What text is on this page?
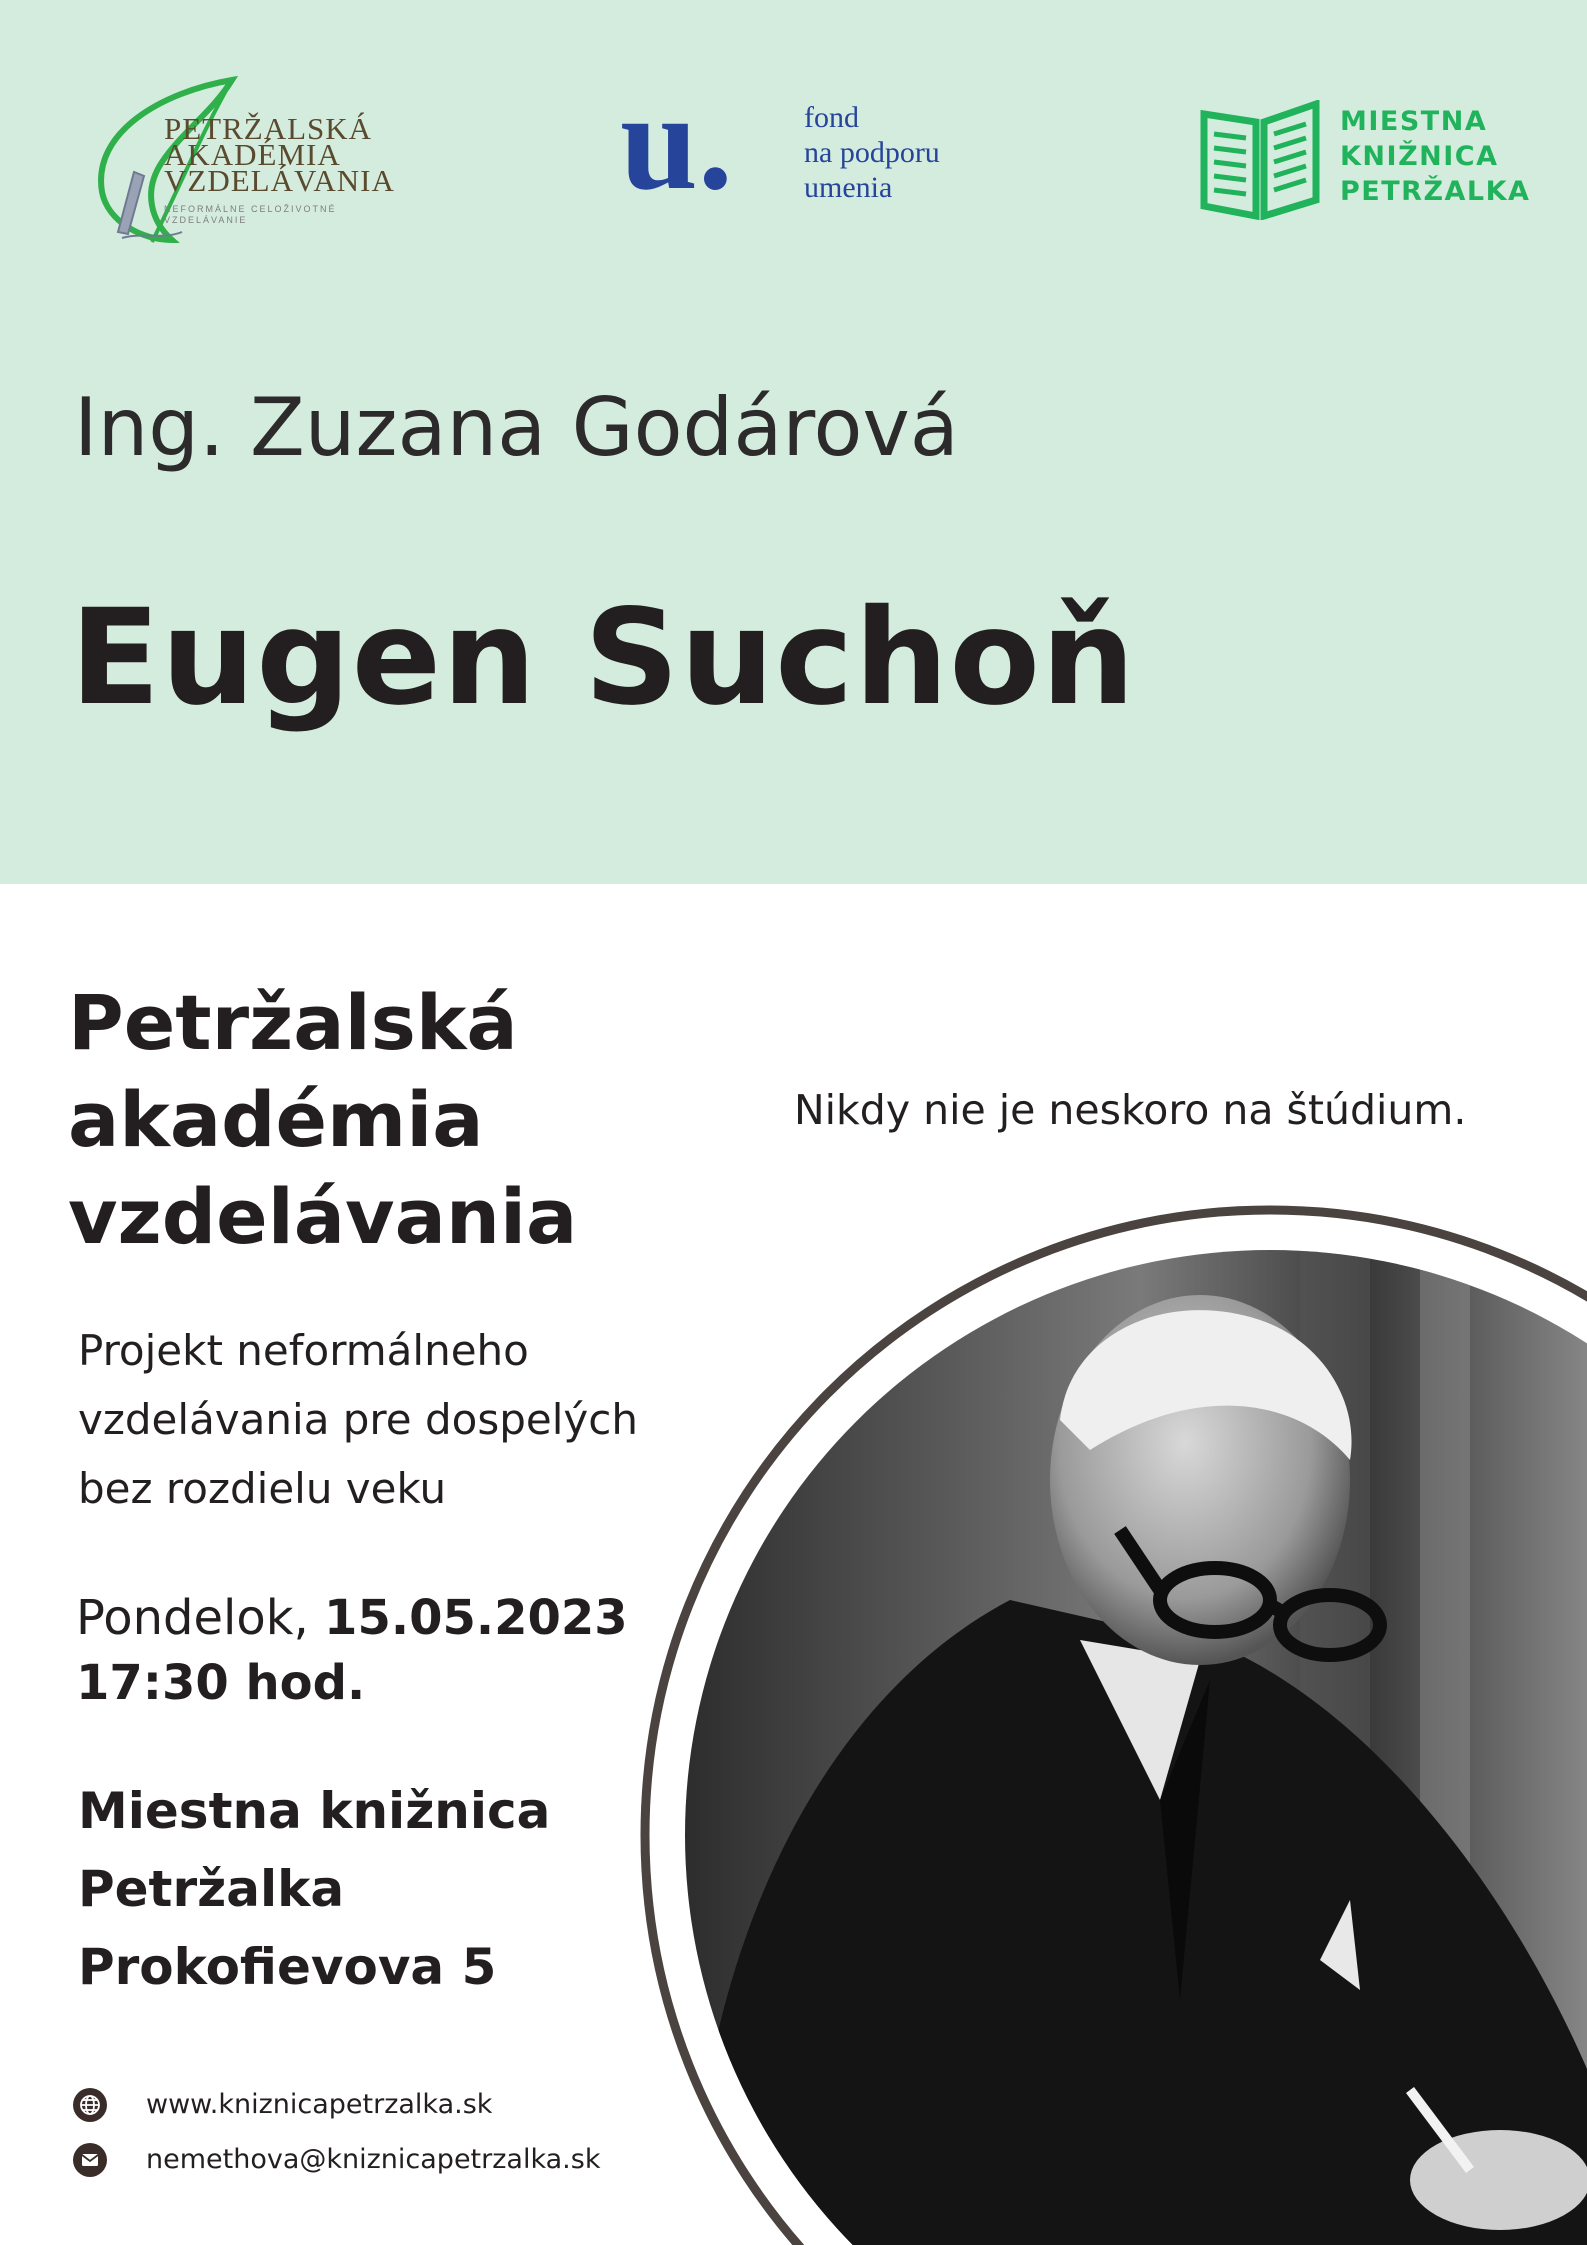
PETRŽALSKÁ
AKADÉMIA
VZDELÁVANIA
NEFORMÁLNE CELOŽIVOTNÉ
VZDELÁVANIE
u. fond
na podporu
umenia
MIESTNA
KNIŽNICA
PETRŽALKA
Ing. Zuzana Godárová
Eugen Suchoň
Petržalská
akadémia
vzdelávania
Nikdy nie je neskoro na štúdium.
Projekt neformálneho
vzdelávania pre dospelých
bez rozdielu veku
Pondelok, 15.05.2023
17:30 hod.
Miestna knižnica
Petržalka
Prokofievova 5
www.kniznicapetrzalka.sk
nemethova@kniznicapetrzalka.sk
